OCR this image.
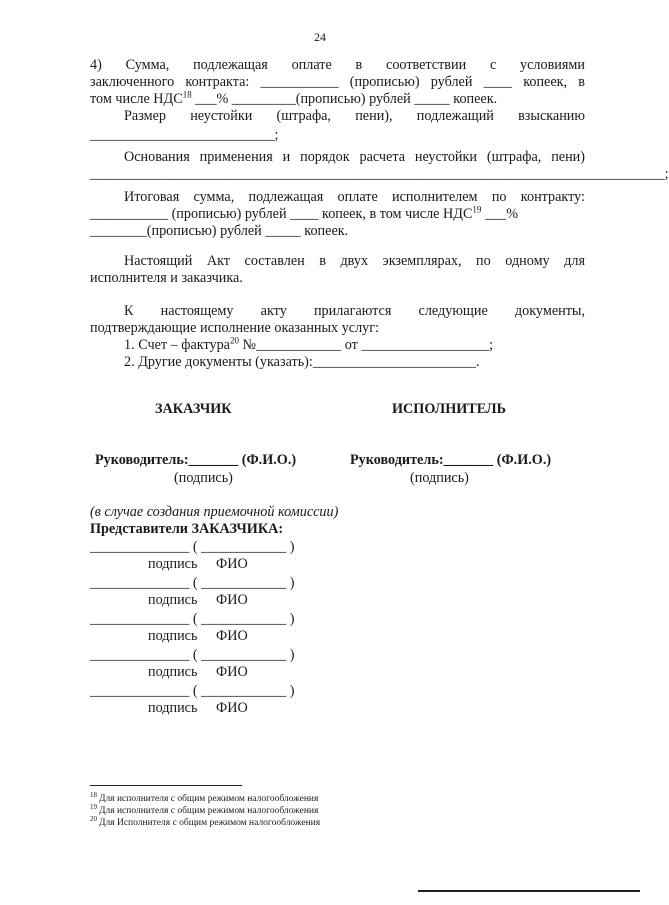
24
4) Сумма, подлежащая оплате в соответствии с условиями
заключенного контракта: ___________ (прописью) рублей ____ копеек, в
том числе НДС$^{18}$ ___% _________(прописью) рублей _____ копеек.
Размер неустойки (штрафа, пени), подлежащий взысканию
__________________________;
Основания применения и порядок расчета неустойки (штрафа, пени)
_________________________________________________________________________________;
Итоговая сумма, подлежащая оплате исполнителем по контракту:
___________ (прописью) рублей ____ копеек, в том числе НДС$^{19}$ ___%
________(прописью) рублей _____ копеек.
Настоящий Акт составлен в двух экземплярах, по одному для
исполнителя и заказчика.
К настоящему акту прилагаются следующие документы,
подтверждающие исполнение оказанных услуг:
1. Счет – фактура$^{20}$ №____________ от __________________;
2. Другие документы (указать):_______________________.
ЗАКАЗЧИК	ИСПОЛНИТЕЛЬ
Руководитель:_______ (Ф.И.О.)
(подпись)
Руководитель:_______ (Ф.И.О.)
(подпись)
(в случае создания приемочной комиссии)
Представители ЗАКАЗЧИКА:
______________ ( ____________ )
подпись ФИО
______________ ( ____________ )
подпись ФИО
______________ ( ____________ )
подпись ФИО
______________ ( ____________ )
подпись ФИО
______________ ( ____________ )
подпись ФИО
$^{18}$ Для исполнителя с общим режимом налогообложения
$^{19}$ Для исполнителя с общим режимом налогообложения
$^{20}$ Для Исполнителя с общим режимом налогообложения
